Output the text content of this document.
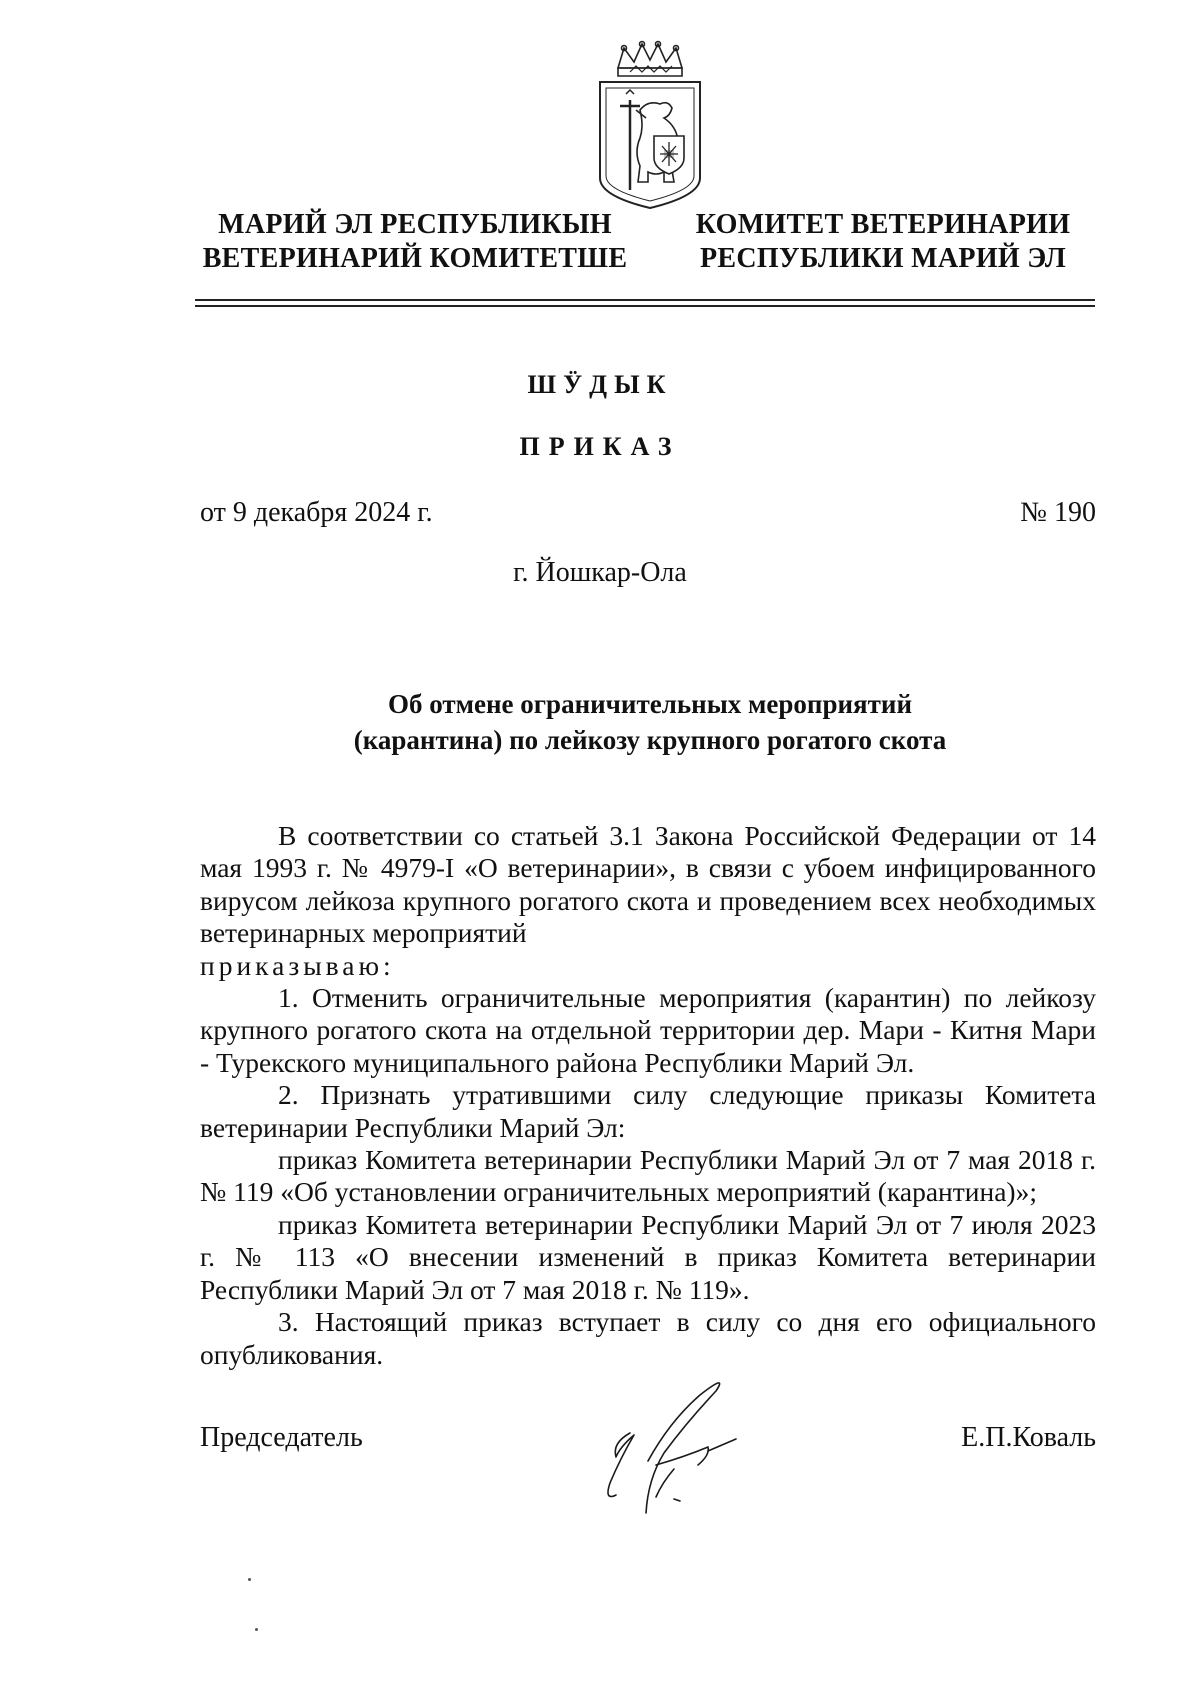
МАРИЙ ЭЛ РЕСПУБЛИКЫН
ВЕТЕРИНАРИЙ КОМИТЕТШЕ
КОМИТЕТ ВЕТЕРИНАРИИ
РЕСПУБЛИКИ МАРИЙ ЭЛ
ШӰДЫК
ПРИКАЗ
от 9 декабря 2024 г.	№ 190
г. Йошкар-Ола
Об отмене ограничительных мероприятий
(карантина) по лейкозу крупного рогатого скота

В соответствии со статьей 3.1 Закона Российской Федерации от 14 мая 1993 г. № 4979-I «О ветеринарии», в связи с убоем инфицированного вирусом лейкоза крупного рогатого скота и проведением всех необходимых ветеринарных мероприятий

приказываю:

1. Отменить ограничительные мероприятия (карантин) по лейкозу крупного рогатого скота на отдельной территории дер. Мари - Китня Мари - Турекского муниципального района Республики Марий Эл.

2. Признать утратившими силу следующие приказы Комитета ветеринарии Республики Марий Эл:

приказ Комитета ветеринарии Республики Марий Эл от 7 мая 2018 г. № 119 «Об установлении ограничительных мероприятий (карантина)»;

приказ Комитета ветеринарии Республики Марий Эл от 7 июля 2023 г. № 113 «О внесении изменений в приказ Комитета ветеринарии Республики Марий Эл от 7 мая 2018 г. № 119».

3. Настоящий приказ вступает в силу со дня его официального опубликования.

Председатель	Е.П.Коваль
